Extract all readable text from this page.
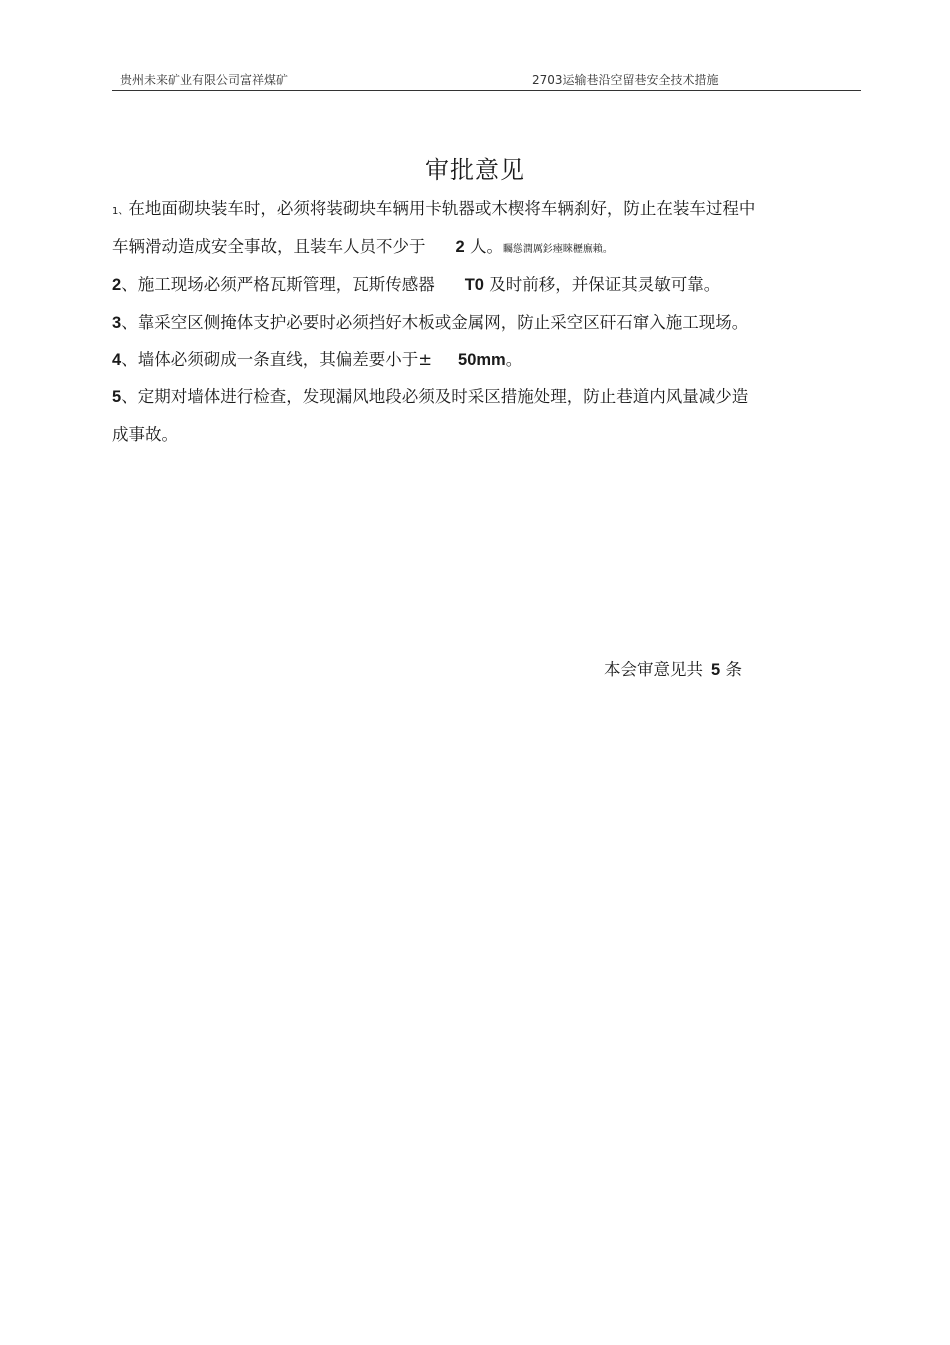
贵州未来矿业有限公司富祥煤矿	2703运输巷沿空留巷安全技术措施
审批意见
1、在地面砌块装车时，必须将装砌块车辆用卡轨器或木楔将车辆刹好，防止在装车过程中
车辆滑动造成安全事故，且装车人员不少于 2 人。矚慫潤厲釤瘞睞櫪廡賴。
2、施工现场必须严格瓦斯管理，瓦斯传感器 T0 及时前移，并保证其灵敏可靠。
3、靠采空区侧掩体支护必要时必须挡好木板或金属网，防止采空区矸石窜入施工现场。
4、墙体必须砌成一条直线，其偏差要小于± 50mm。
5、定期对墙体进行检查，发现漏风地段必须及时采区措施处理，防止巷道内风量减少造
成事故。
本会审意见共 5 条
